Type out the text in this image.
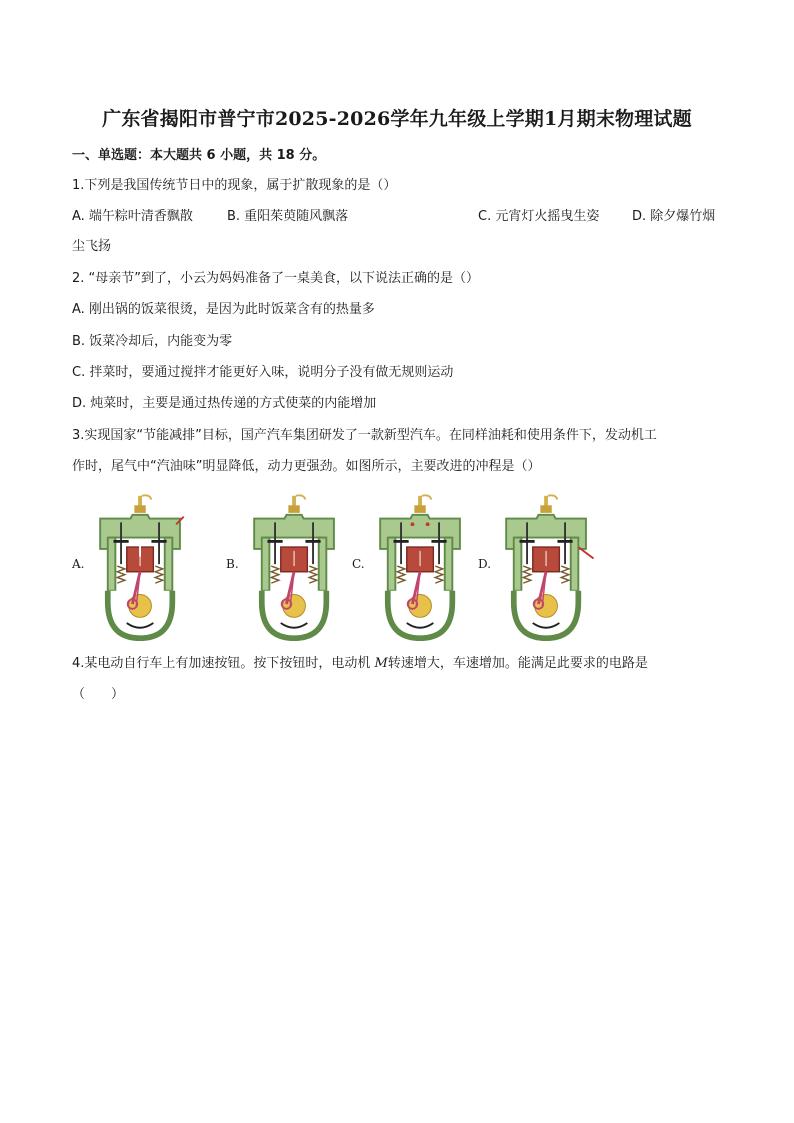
广东省揭阳市普宁市2025-2026学年九年级上学期1月期末物理试题
一、单选题：本大题共 6 小题，共 18 分。
1.下列是我国传统节日中的现象，属于扩散现象的是（）
A. 端午粽叶清香飘散	B. 重阳茱萸随风飘落	C. 元宵灯火摇曳生姿	D. 除夕爆竹烟
尘飞扬
2. “母亲节”到了，小云为妈妈准备了一桌美食，以下说法正确的是（）
A. 刚出锅的饭菜很烫，是因为此时饭菜含有的热量多
B. 饭菜冷却后，内能变为零
C. 拌菜时，要通过搅拌才能更好入味，说明分子没有做无规则运动
D. 炖菜时，主要是通过热传递的方式使菜的内能增加
3.实现国家“节能减排”目标，国产汽车集团研发了一款新型汽车。在同样油耗和使用条件下，发动机工
作时，尾气中“汽油味”明显降低，动力更强劲。如图所示，主要改进的冲程是（）
A.	B.	C.	D.
4.某电动自行车上有加速按钮。按下按钮时，电动机 M转速增大，车速增加。能满足此要求的电路是
（　　）
